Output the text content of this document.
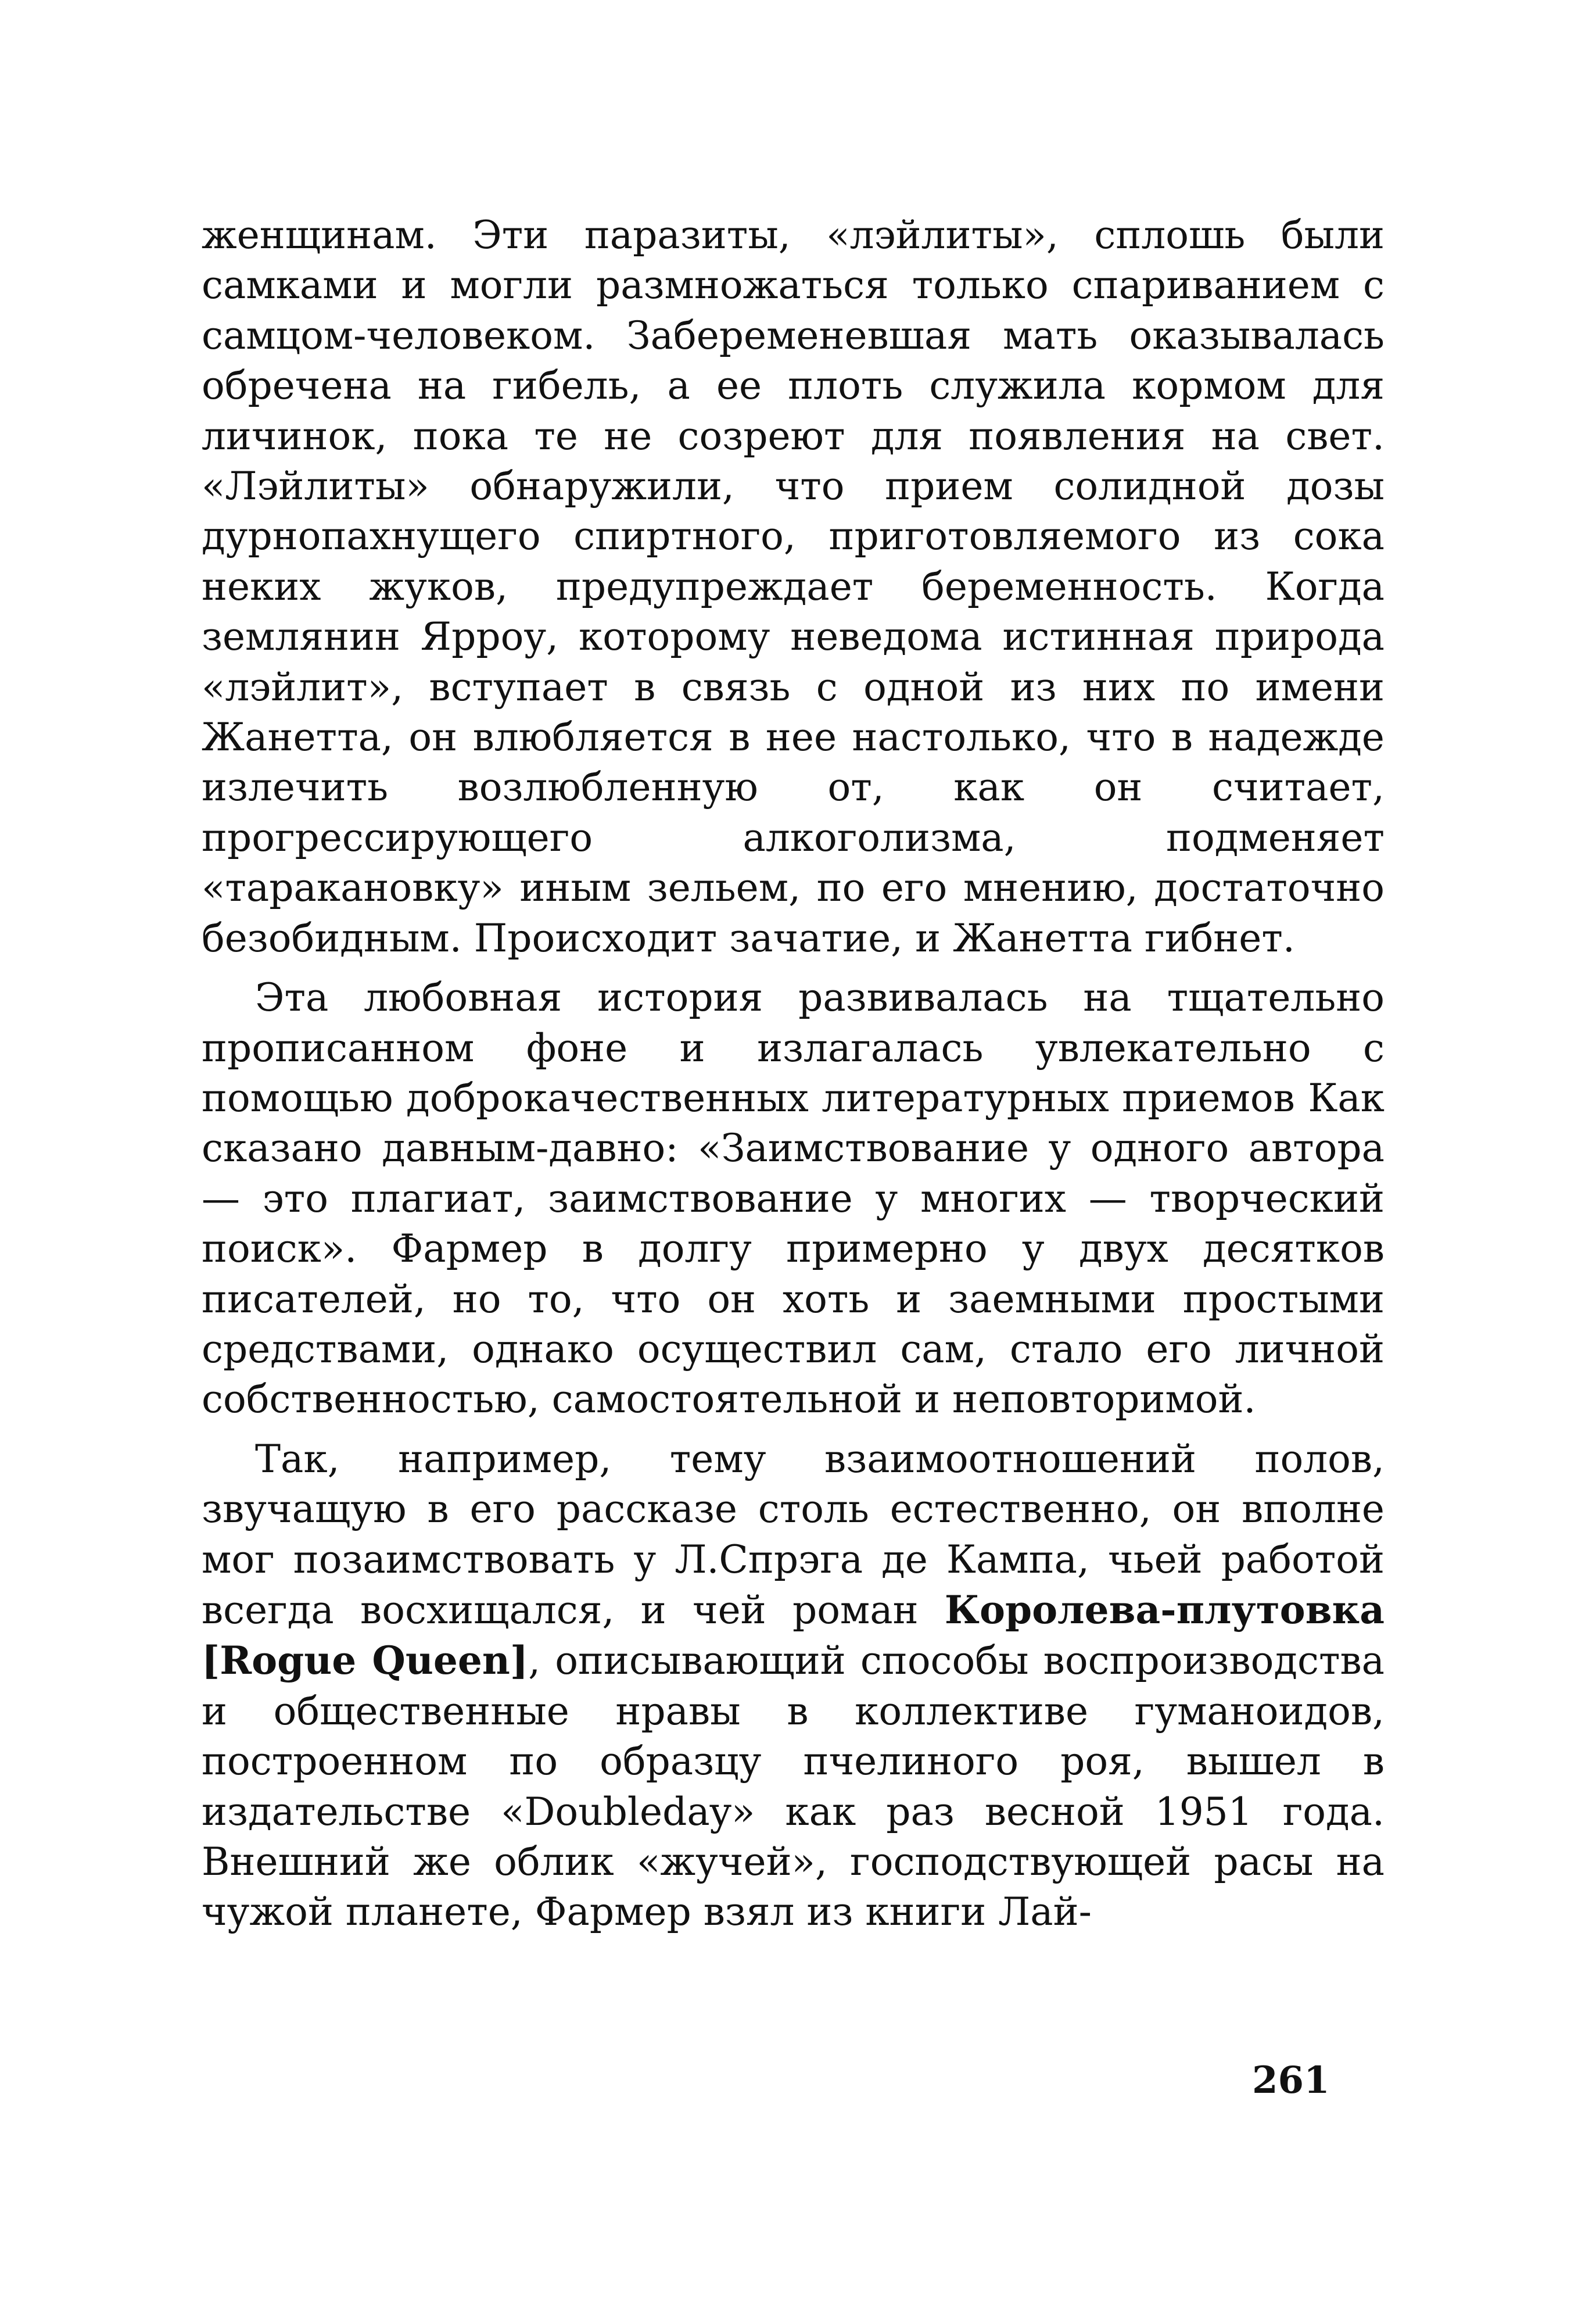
женщинам. Эти паразиты, «лэйлиты», сплошь были самками и могли размножаться только спариванием с самцом-человеком. Забеременевшая мать оказывалась обречена на гибель, а ее плоть служила кормом для личинок, пока те не созреют для появления на свет. «Лэйлиты» обнаружили, что прием солидной дозы дурнопахнущего спиртного, приготовляемого из сока некиx жуков, предупреждает беременность. Когда землянин Ярроу, которому неведома истинная природа «лэйлит», вступает в связь с одной из них по имени Жанетта, он влюбляется в нее настолько, что в надежде излечить возлюбленную от, как он считает, прогрессирующего алкоголизма, подменяет «таракановку» иным зельем, по его мнению, достаточно безобидным. Происходит зачатие, и Жанетта гибнет.

Эта любовная история развивалась на тщательно прописанном фоне и излагалась увлекательно с помощью доброкачественных литературных приемов Как сказано давным-давно: «Заимствование у одного автора — это плагиат, заимствование у многих — творческий поиск». Фармер в долгу примерно у двух десятков писателей, но то, что он хоть и заемными простыми средствами, однако осуществил сам, стало его личной собственностью, самостоятельной и неповторимой.

Так, например, тему взаимоотношений полов, звучащую в его рассказе столь естественно, он вполне мог позаимствовать у Л.Спрэга де Кампа, чьей работой всегда восхищался, и чей роман Королева-плутовка [Rogue Queen], описывающий способы воспроизводства и общественные нравы в коллективе гуманоидов, построенном по образцу пчелиного роя, вышел в издательстве «Doubleday» как раз весной 1951 года. Внешний же облик «жучей», господствующей расы на чужой планете, Фармер взял из книги Лай-

261
